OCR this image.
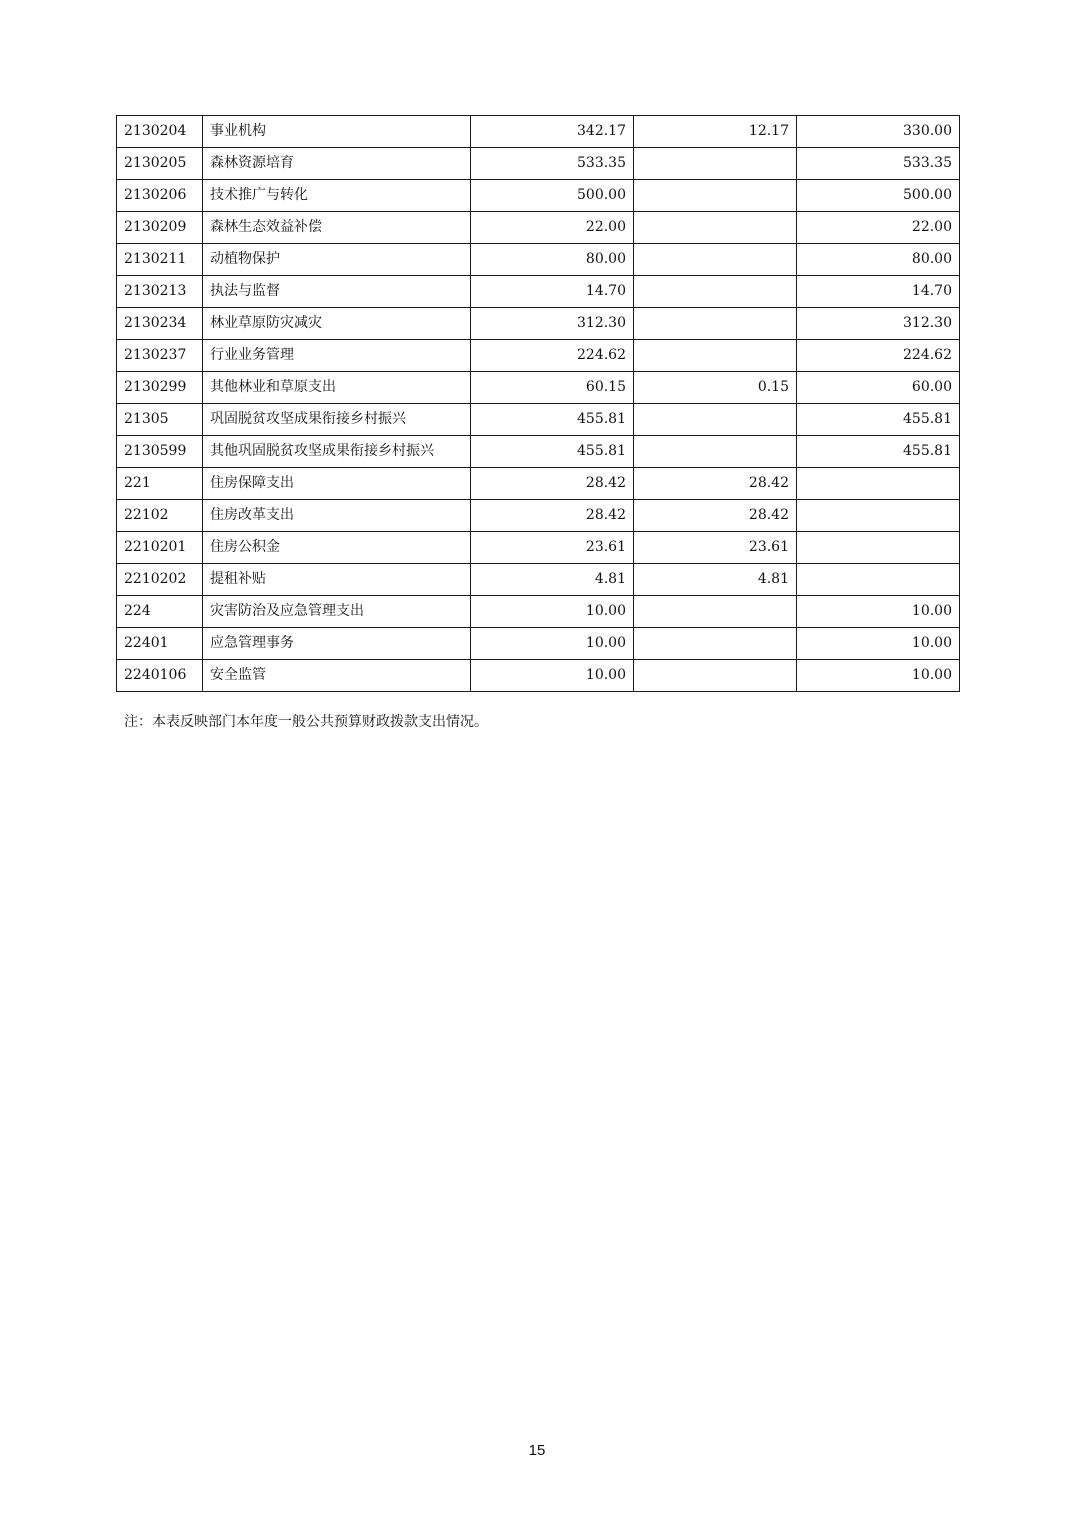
2130204	事业机构	342.17	12.17	330.00
2130205	森林资源培育	533.35		533.35
2130206	技术推广与转化	500.00		500.00
2130209	森林生态效益补偿	22.00		22.00
2130211	动植物保护	80.00		80.00
2130213	执法与监督	14.70		14.70
2130234	林业草原防灾减灾	312.30		312.30
2130237	行业业务管理	224.62		224.62
2130299	其他林业和草原支出	60.15	0.15	60.00
21305	巩固脱贫攻坚成果衔接乡村振兴	455.81		455.81
2130599	其他巩固脱贫攻坚成果衔接乡村振兴	455.81		455.81
221	住房保障支出	28.42	28.42	
22102	住房改革支出	28.42	28.42	
2210201	住房公积金	23.61	23.61	
2210202	提租补贴	4.81	4.81	
224	灾害防治及应急管理支出	10.00		10.00
22401	应急管理事务	10.00		10.00
2240106	安全监管	10.00		10.00
注：本表反映部门本年度一般公共预算财政拨款支出情况。
15
